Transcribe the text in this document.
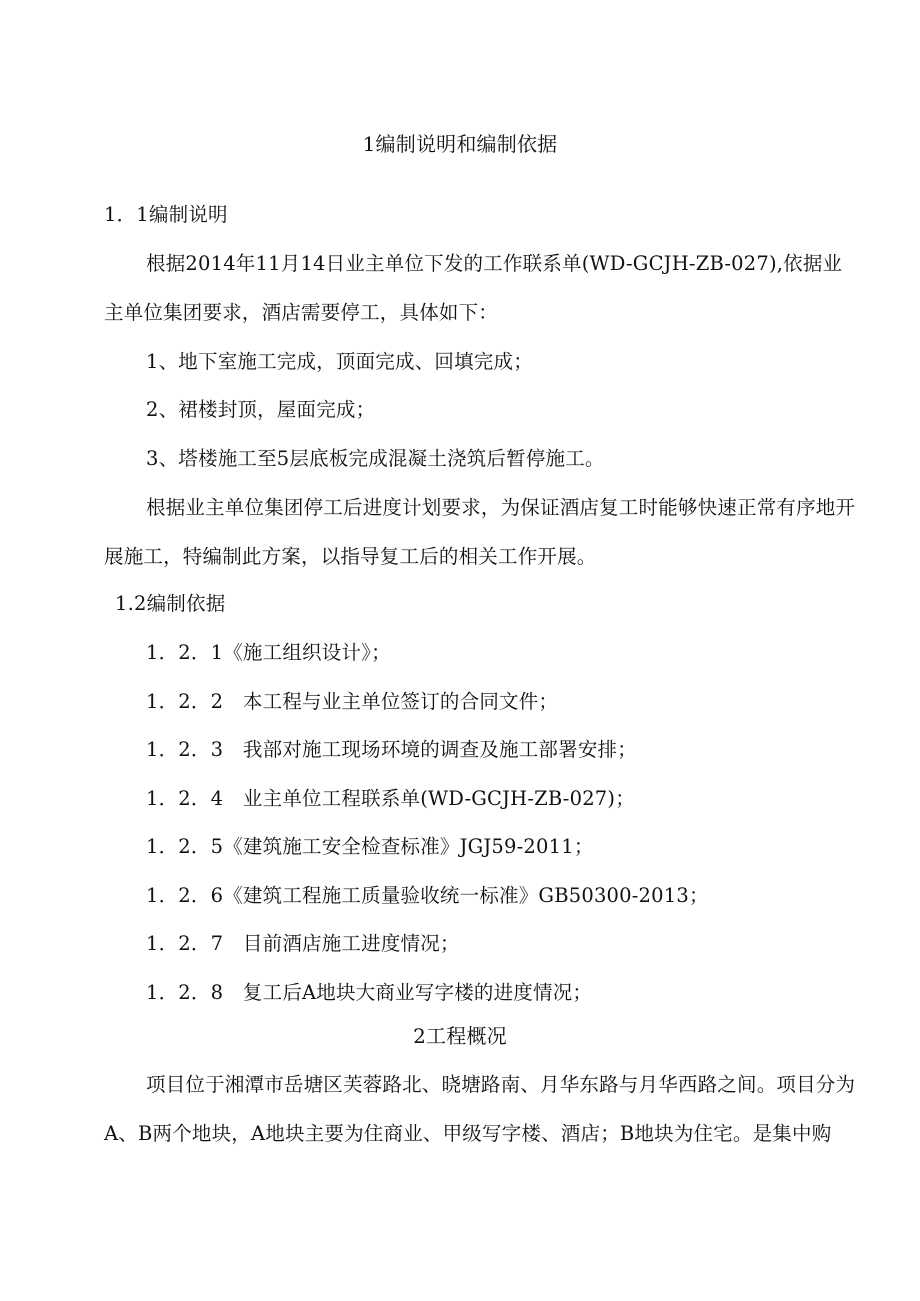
1编制说明和编制依据
1．1编制说明
根据2014年11月14日业主单位下发的工作联系单(WD-GCJH-ZB-027),依据业
主单位集团要求，酒店需要停工，具体如下：
1、地下室施工完成，顶面完成、回填完成；
2、裙楼封顶，屋面完成；
3、塔楼施工至5层底板完成混凝土浇筑后暂停施工。
根据业主单位集团停工后进度计划要求，为保证酒店复工时能够快速正常有序地开
展施工，特编制此方案，以指导复工后的相关工作开展。
1.2编制依据
1．2．1《施工组织设计》；
1．2．2　本工程与业主单位签订的合同文件；
1．2．3　我部对施工现场环境的调查及施工部署安排；
1．2．4　业主单位工程联系单(WD-GCJH-ZB-027)；
1．2．5《建筑施工安全检查标准》JGJ59-2011；
1．2．6《建筑工程施工质量验收统一标准》GB50300-2013；
1．2．7　目前酒店施工进度情况；
1．2．8　复工后A地块大商业写字楼的进度情况；
2工程概况
项目位于湘潭市岳塘区芙蓉路北、晓塘路南、月华东路与月华西路之间。项目分为
A、B两个地块，A地块主要为住商业、甲级写字楼、酒店；B地块为住宅。是集中购
